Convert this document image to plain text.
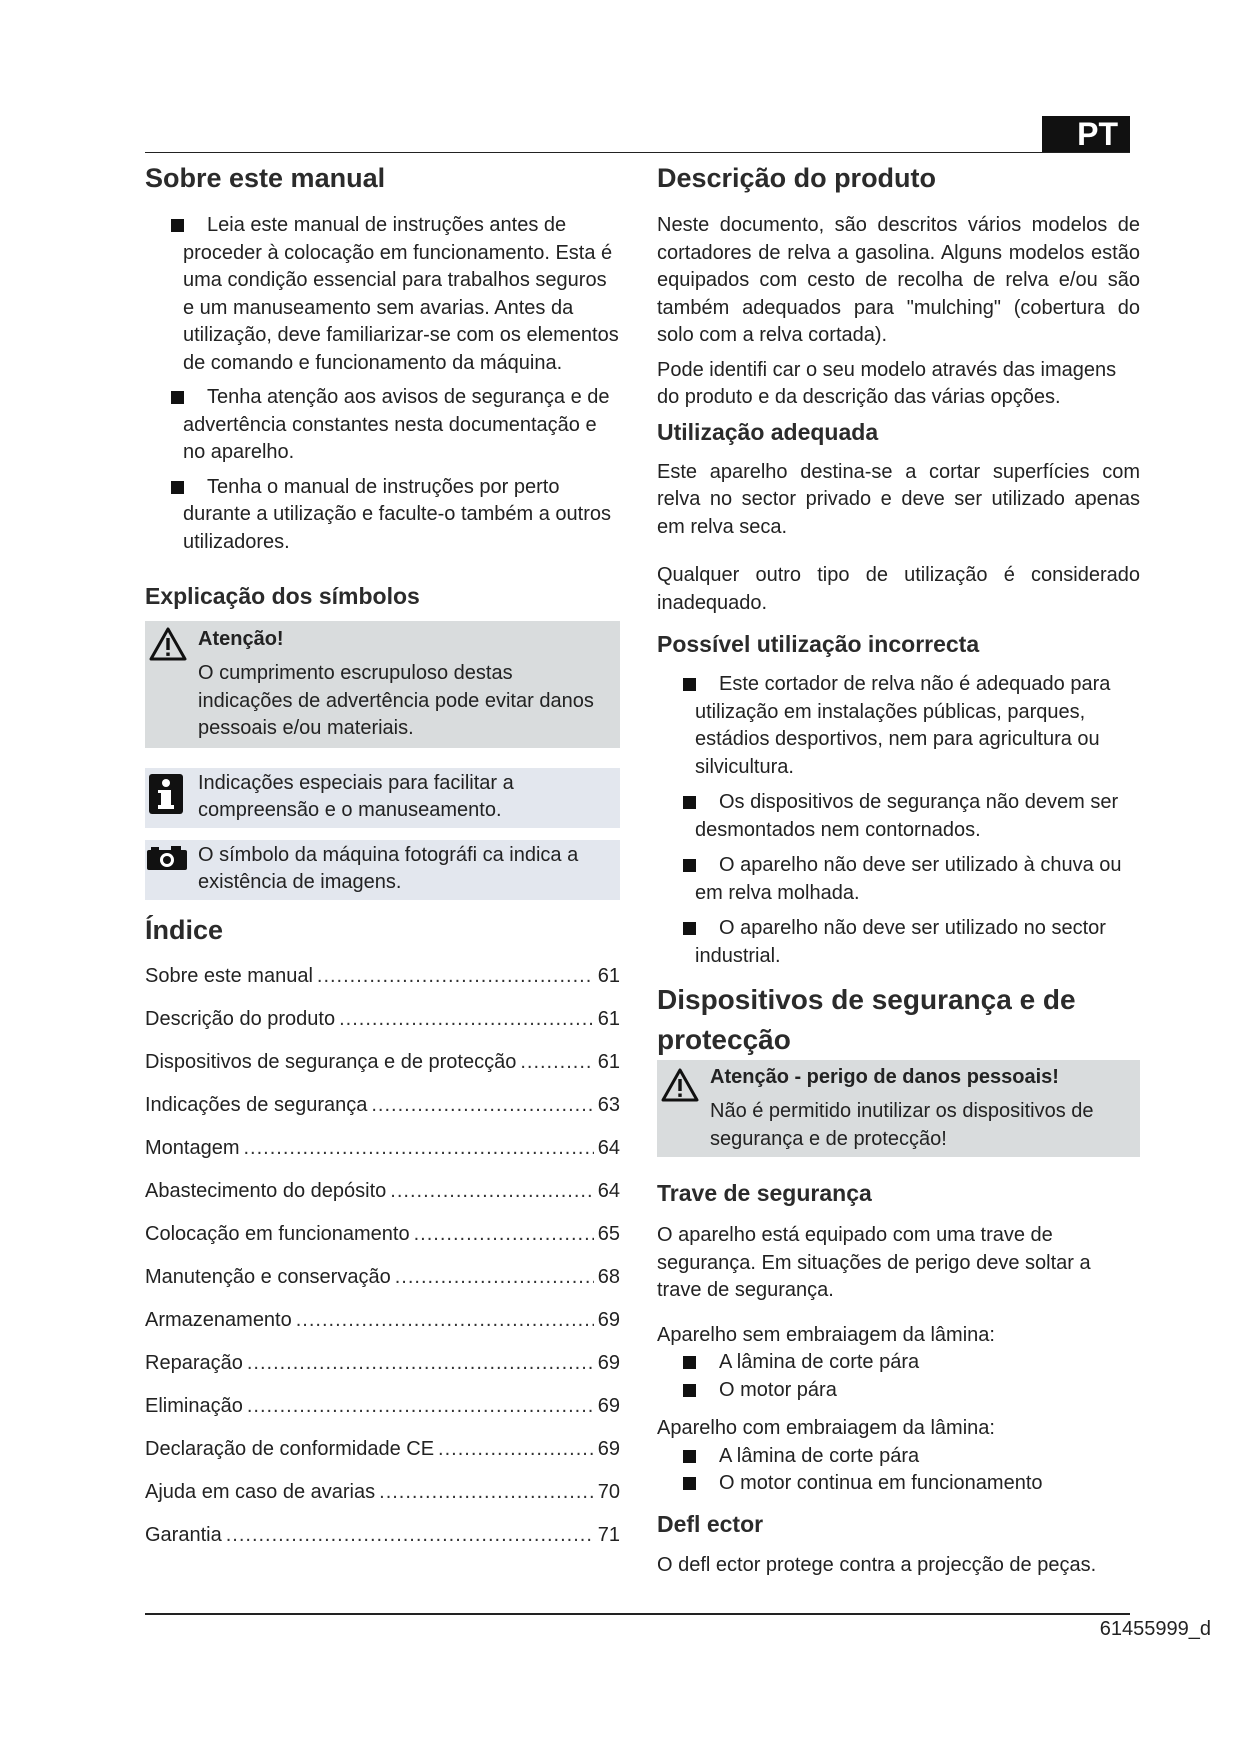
PT
Sobre este manual
Leia este manual de instruções antes de proceder à colocação em funcionamento. Esta é uma condição essencial para trabalhos seguros e um manuseamento sem avarias. Antes da utilização, deve familiarizar-se com os elementos de comando e funcionamento da máquina.
Tenha atenção aos avisos de segurança e de advertência constantes nesta documentação e no aparelho.
Tenha o manual de instruções por perto durante a utilização e faculte-o também a outros utilizadores.
Explicação dos símbolos
Atenção!
O cumprimento escrupuloso destas indicações de advertência pode evitar danos pessoais e/ou materiais.
Indicações especiais para facilitar a compreensão e o manuseamento.
O símbolo da máquina fotográfi ca indica a existência de imagens.
Índice
Sobre este manual .....	61
Descrição do produto .....	61
Dispositivos de segurança e de protecção .....	61
Indicações de segurança .....	63
Montagem .....	64
Abastecimento do depósito .....	64
Colocação em funcionamento .....	65
Manutenção e conservação .....	68
Armazenamento .....	69
Reparação .....	69
Eliminação .....	69
Declaração de conformidade CE .....	69
Ajuda em caso de avarias .....	70
Garantia .....	71
Descrição do produto

Neste documento, são descritos vários modelos de cortadores de relva a gasolina. Alguns modelos estão equipados com cesto de recolha de relva e/ou são também adequados para "mulching" (cobertura do solo com a relva cortada).

Pode identifi car o seu modelo através das imagens do produto e da descrição das várias opções.

Utilização adequada

Este aparelho destina-se a cortar superfícies com relva no sector privado e deve ser utilizado apenas em relva seca.

Qualquer outro tipo de utilização é considerado inadequado.

Possível utilização incorrecta
Este cortador de relva não é adequado para utilização em instalações públicas, parques, estádios desportivos, nem para agricultura ou silvicultura.
Os dispositivos de segurança não devem ser desmontados nem contornados.
O aparelho não deve ser utilizado à chuva ou em relva molhada.
O aparelho não deve ser utilizado no sector industrial.
Dispositivos de segurança e de protecção
Atenção - perigo de danos pessoais!
Não é permitido inutilizar os dispositivos de segurança e de protecção!
Trave de segurança

O aparelho está equipado com uma trave de segurança. Em situações de perigo deve soltar a trave de segurança.

Aparelho sem embraiagem da lâmina:

A lâmina de corte pára
O motor pára

Aparelho com embraiagem da lâmina:

A lâmina de corte pára
O motor continua em funcionamento
Defl ector

O defl ector protege contra a projecção de peças.

61455999_d
